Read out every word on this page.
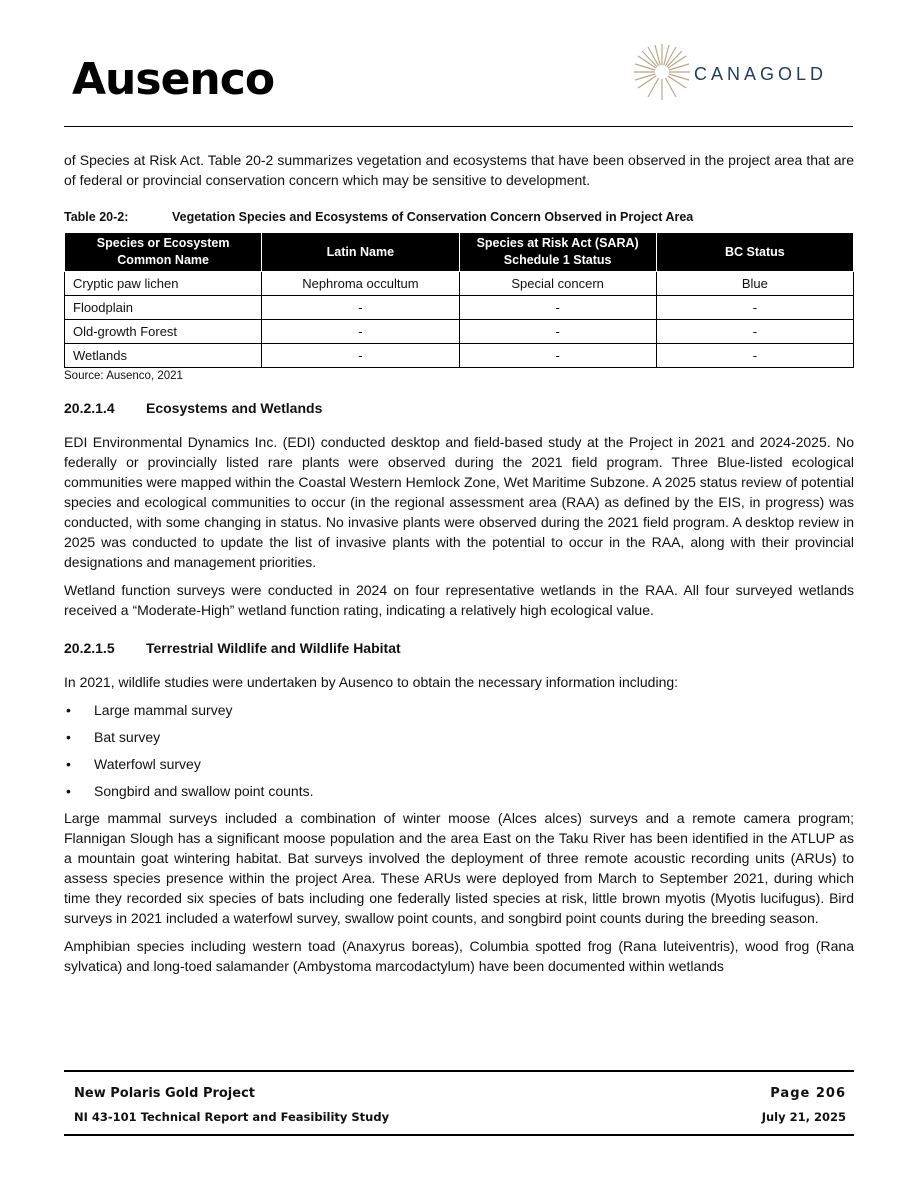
Ausenco	CANAGOLD

of Species at Risk Act. Table 20-2 summarizes vegetation and ecosystems that have been observed in the project area that are of federal or provincial conservation concern which may be sensitive to development.

Table 20-2:	Vegetation Species and Ecosystems of Conservation Concern Observed in Project Area
Species or Ecosystem Common Name	Latin Name	Species at Risk Act (SARA) Schedule 1 Status	BC Status
Cryptic paw lichen	Nephroma occultum	Special concern	Blue
Floodplain	-	-	-
Old-growth Forest	-	-	-
Wetlands	-	-	-
Source: Ausenco, 2021
20.2.1.4	Ecosystems and Wetlands

EDI Environmental Dynamics Inc. (EDI) conducted desktop and field-based study at the Project in 2021 and 2024-2025. No federally or provincially listed rare plants were observed during the 2021 field program. Three Blue-listed ecological communities were mapped within the Coastal Western Hemlock Zone, Wet Maritime Subzone. A 2025 status review of potential species and ecological communities to occur (in the regional assessment area (RAA) as defined by the EIS, in progress) was conducted, with some changing in status. No invasive plants were observed during the 2021 field program. A desktop review in 2025 was conducted to update the list of invasive plants with the potential to occur in the RAA, along with their provincial designations and management priorities.

Wetland function surveys were conducted in 2024 on four representative wetlands in the RAA. All four surveyed wetlands received a “Moderate-High” wetland function rating, indicating a relatively high ecological value.

20.2.1.5	Terrestrial Wildlife and Wildlife Habitat

In 2021, wildlife studies were undertaken by Ausenco to obtain the necessary information including:

•	Large mammal survey
•	Bat survey
•	Waterfowl survey
•	Songbird and swallow point counts.

Large mammal surveys included a combination of winter moose (Alces alces) surveys and a remote camera program; Flannigan Slough has a significant moose population and the area East on the Taku River has been identified in the ATLUP as a mountain goat wintering habitat. Bat surveys involved the deployment of three remote acoustic recording units (ARUs) to assess species presence within the project Area. These ARUs were deployed from March to September 2021, during which time they recorded six species of bats including one federally listed species at risk, little brown myotis (Myotis lucifugus). Bird surveys in 2021 included a waterfowl survey, swallow point counts, and songbird point counts during the breeding season.

Amphibian species including western toad (Anaxyrus boreas), Columbia spotted frog (Rana luteiventris), wood frog (Rana sylvatica) and long-toed salamander (Ambystoma marcodactylum) have been documented within wetlands

New Polaris Gold Project	Page 206
NI 43-101 Technical Report and Feasibility Study	July 21, 2025
